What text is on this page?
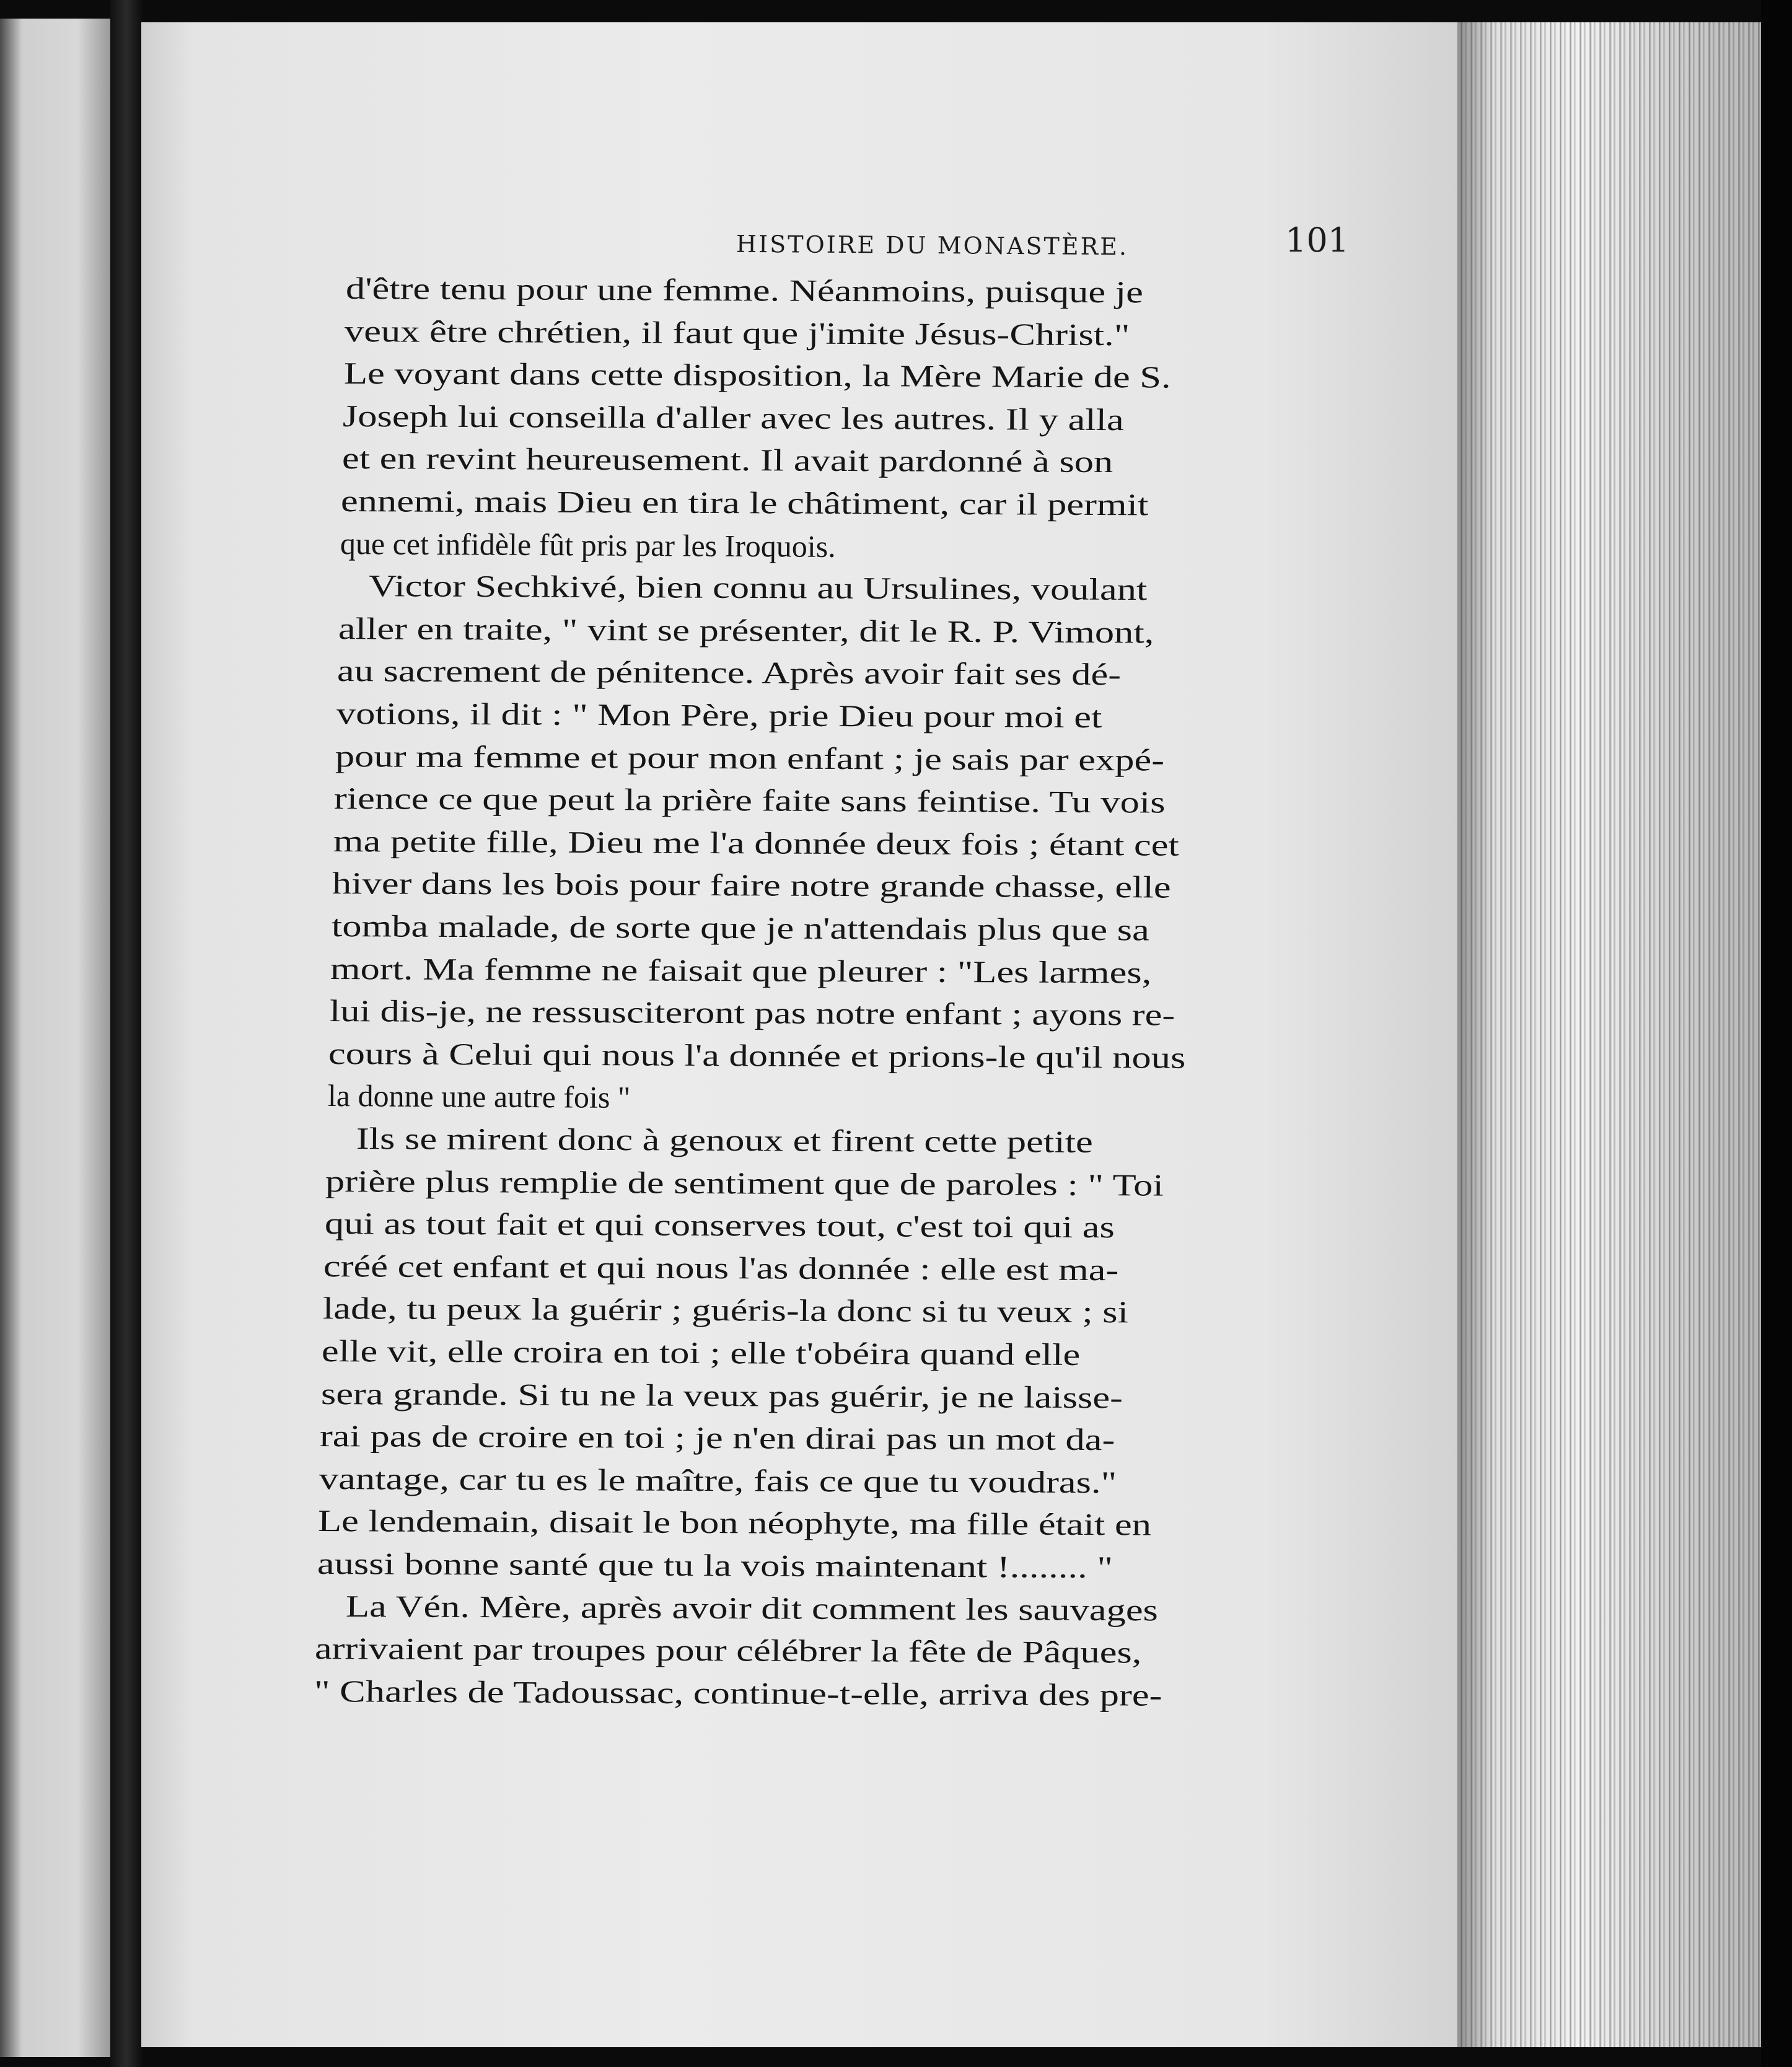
HISTOIRE DU MONASTÈRE.	101
d'être tenu pour une femme. Néanmoins, puisque je
veux être chrétien, il faut que j'imite Jésus-Christ."
Le voyant dans cette disposition, la Mère Marie de S.
Joseph lui conseilla d'aller avec les autres. Il y alla
et en revint heureusement. Il avait pardonné à son
ennemi, mais Dieu en tira le châtiment, car il permit
que cet infidèle fût pris par les Iroquois.
Victor Sechkivé, bien connu au Ursulines, voulant
aller en traite, " vint se présenter, dit le R. P. Vimont,
au sacrement de pénitence. Après avoir fait ses dé-
votions, il dit : " Mon Père, prie Dieu pour moi et
pour ma femme et pour mon enfant ; je sais par expé-
rience ce que peut la prière faite sans feintise. Tu vois
ma petite fille, Dieu me l'a donnée deux fois ; étant cet
hiver dans les bois pour faire notre grande chasse, elle
tomba malade, de sorte que je n'attendais plus que sa
mort. Ma femme ne faisait que pleurer : "Les larmes,
lui dis-je, ne ressusciteront pas notre enfant ; ayons re-
cours à Celui qui nous l'a donnée et prions-le qu'il nous
la donne une autre fois "
Ils se mirent donc à genoux et firent cette petite
prière plus remplie de sentiment que de paroles : " Toi
qui as tout fait et qui conserves tout, c'est toi qui as
créé cet enfant et qui nous l'as donnée : elle est ma-
lade, tu peux la guérir ; guéris-la donc si tu veux ; si
elle vit, elle croira en toi ; elle t'obéira quand elle
sera grande. Si tu ne la veux pas guérir, je ne laisse-
rai pas de croire en toi ; je n'en dirai pas un mot da-
vantage, car tu es le maître, fais ce que tu voudras."
Le lendemain, disait le bon néophyte, ma fille était en
aussi bonne santé que tu la vois maintenant !........ "
La Vén. Mère, après avoir dit comment les sauvages
arrivaient par troupes pour célébrer la fête de Pâques,
" Charles de Tadoussac, continue-t-elle, arriva des pre-
